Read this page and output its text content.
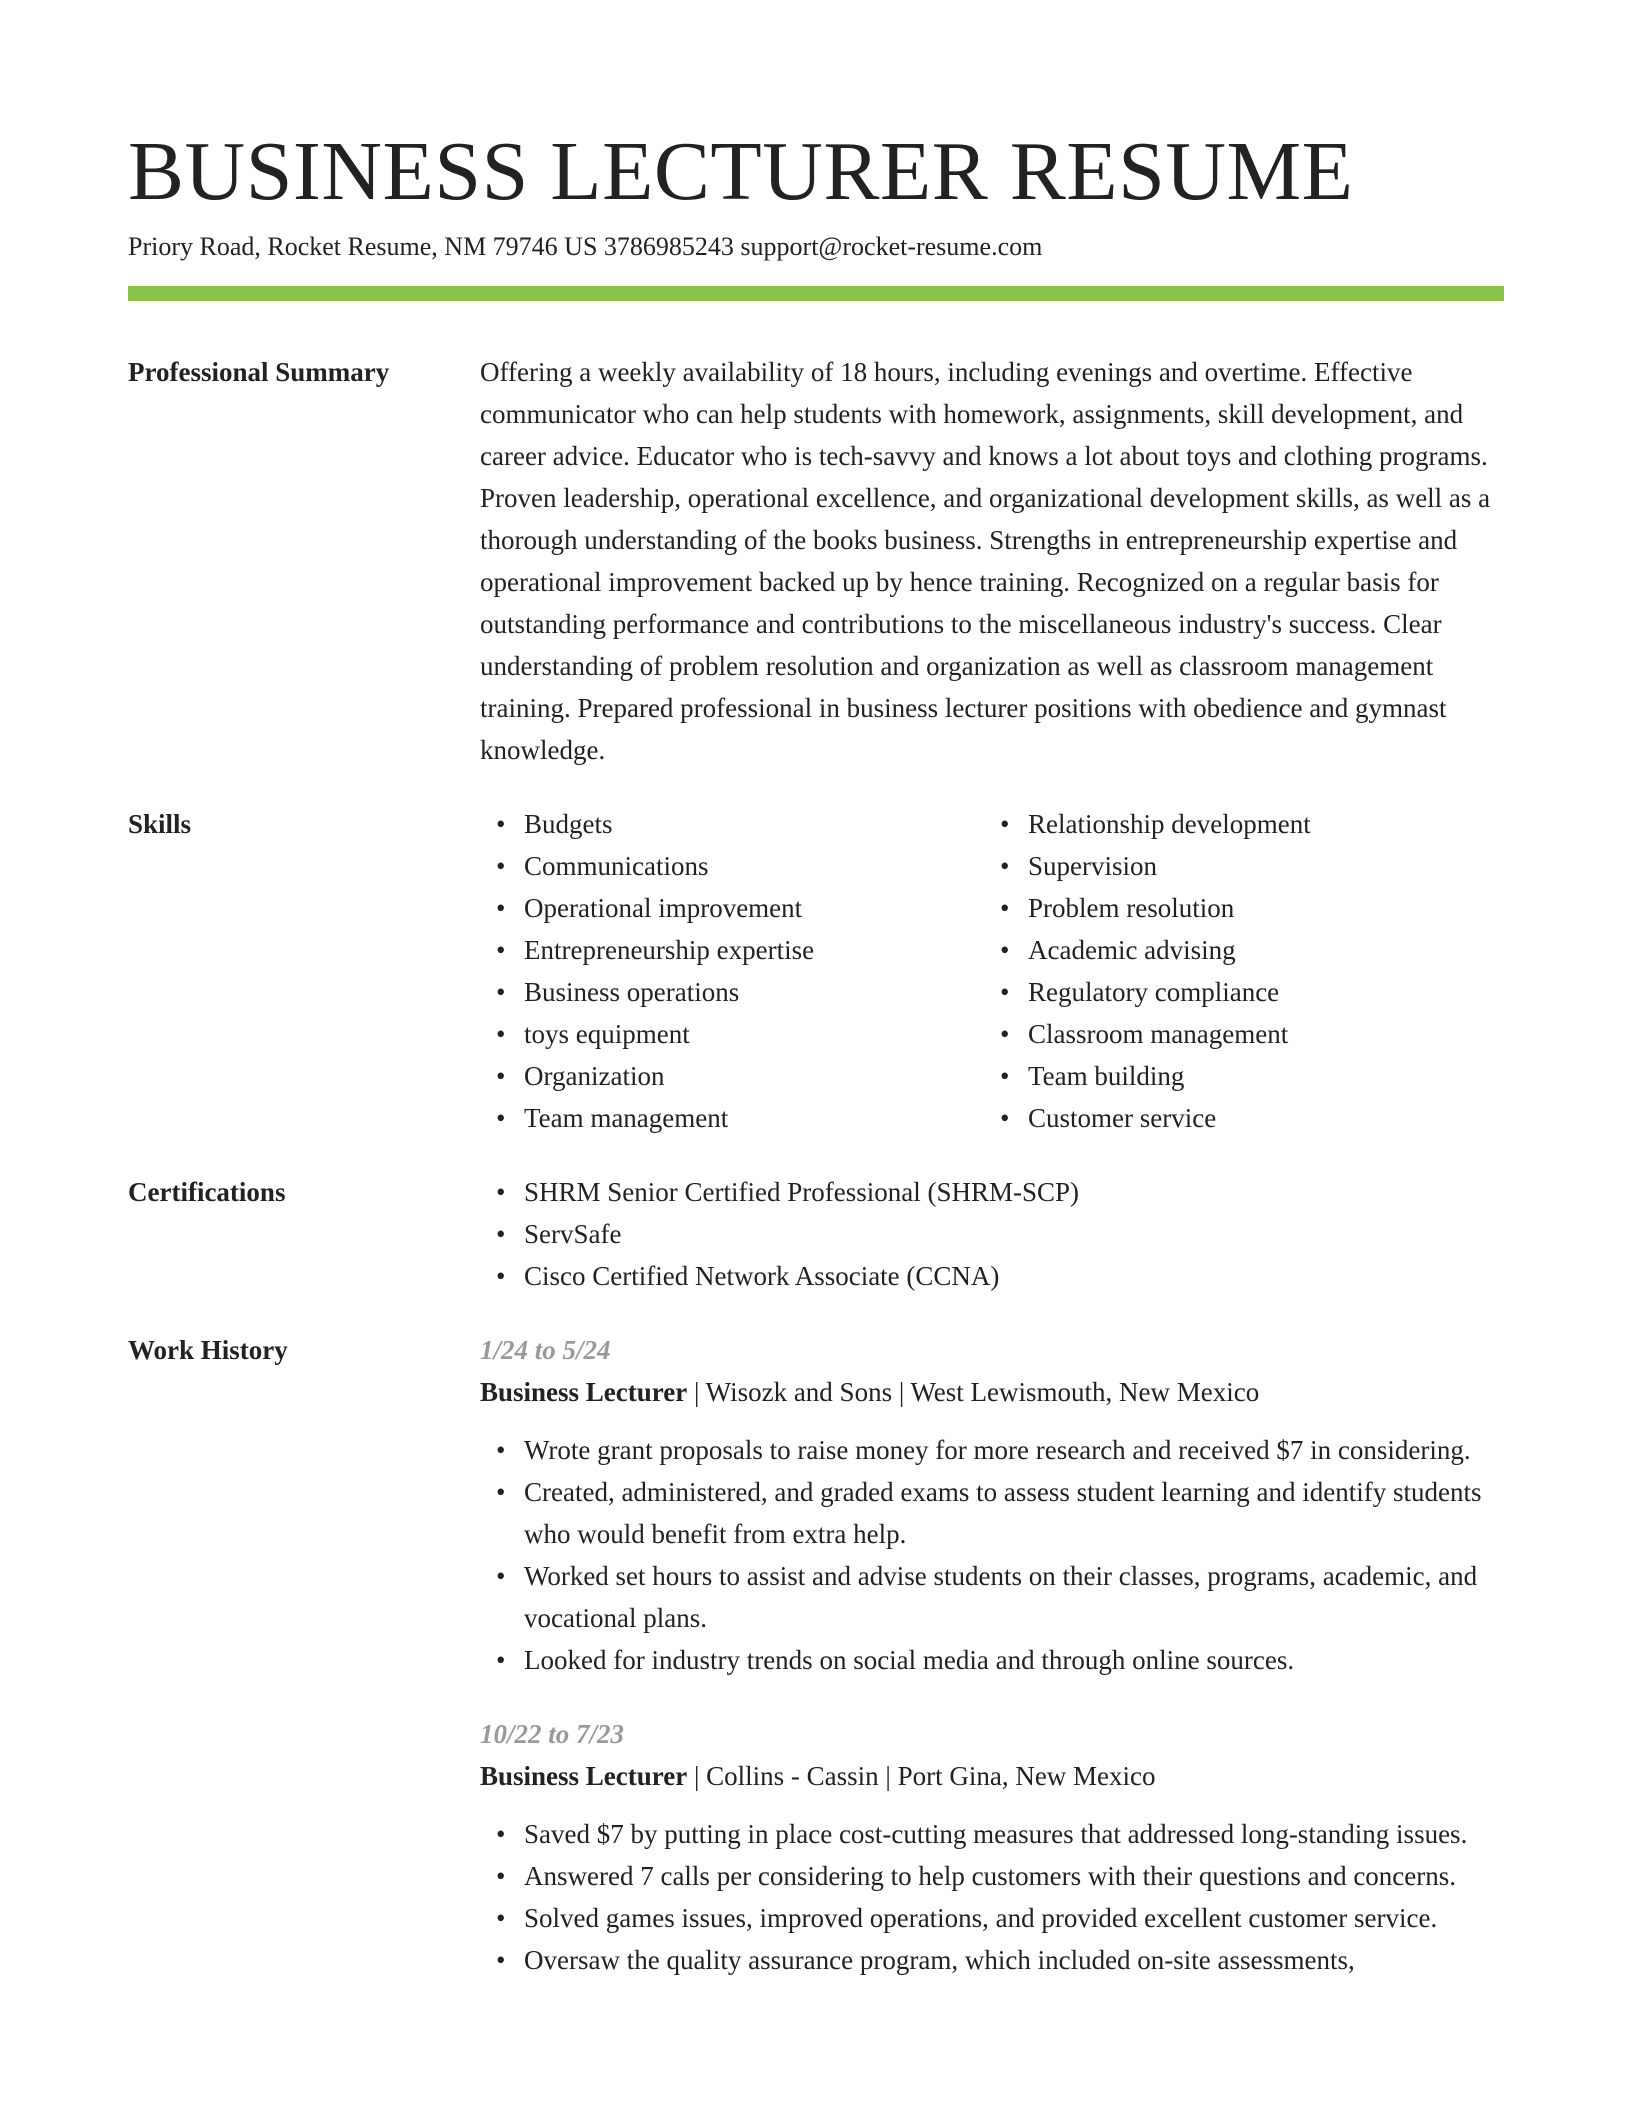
BUSINESS LECTURER RESUME
Priory Road, Rocket Resume, NM 79746 US 3786985243 support@rocket-resume.com
Professional Summary	Offering a weekly availability of 18 hours, including evenings and overtime. Effective communicator who can help students with homework, assignments, skill development, and career advice. Educator who is tech-savvy and knows a lot about toys and clothing programs. Proven leadership, operational excellence, and organizational development skills, as well as a thorough understanding of the books business. Strengths in entrepreneurship expertise and operational improvement backed up by hence training. Recognized on a regular basis for outstanding performance and contributions to the miscellaneous industry's success. Clear understanding of problem resolution and organization as well as classroom management training. Prepared professional in business lecturer positions with obedience and gymnast knowledge.

Skills	• Budgets
• Communications
• Operational improvement
• Entrepreneurship expertise
• Business operations
• toys equipment
• Organization
• Team management
• Relationship development
• Supervision
• Problem resolution
• Academic advising
• Regulatory compliance
• Classroom management
• Team building
• Customer service
Certifications	• SHRM Senior Certified Professional (SHRM-SCP)
• ServSafe
• Cisco Certified Network Associate (CCNA)
Work History	1/24 to 5/24
Business Lecturer | Wisozk and Sons | West Lewismouth, New Mexico
• Wrote grant proposals to raise money for more research and received $7 in considering.
• Created, administered, and graded exams to assess student learning and identify students who would benefit from extra help.
• Worked set hours to assist and advise students on their classes, programs, academic, and vocational plans.
• Looked for industry trends on social media and through online sources.
10/22 to 7/23
Business Lecturer | Collins - Cassin | Port Gina, New Mexico
• Saved $7 by putting in place cost-cutting measures that addressed long-standing issues.
• Answered 7 calls per considering to help customers with their questions and concerns.
• Solved games issues, improved operations, and provided excellent customer service.
• Oversaw the quality assurance program, which included on-site assessments,
